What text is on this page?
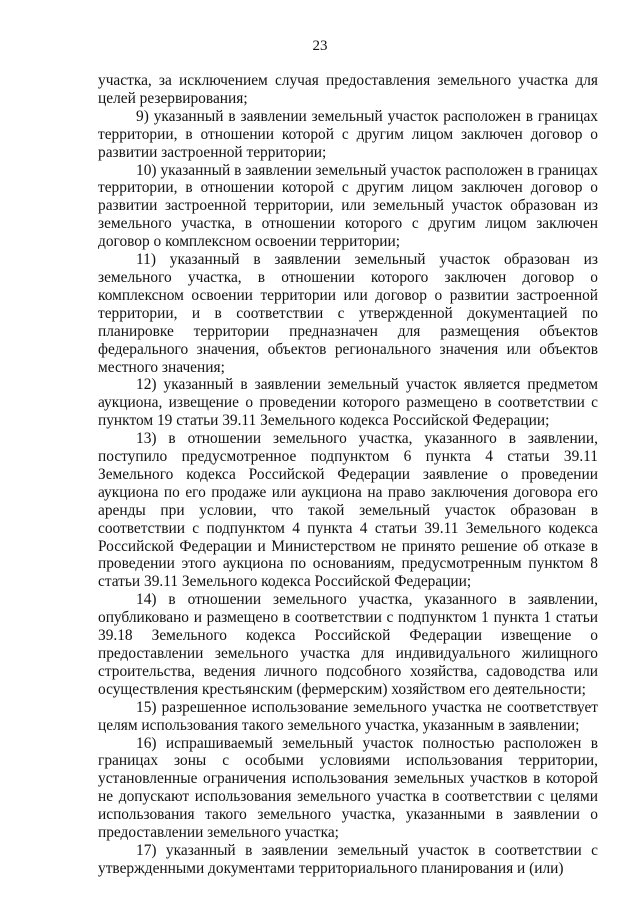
23

участка, за исключением случая предоставления земельного участка для целей резервирования;

9) указанный в заявлении земельный участок расположен в границах территории, в отношении которой с другим лицом заключен договор о развитии застроенной территории;

10) указанный в заявлении земельный участок расположен в границах территории, в отношении которой с другим лицом заключен договор о развитии застроенной территории, или земельный участок образован из земельного участка, в отношении которого с другим лицом заключен договор о комплексном освоении территории;

11) указанный в заявлении земельный участок образован из земельного участка, в отношении которого заключен договор о комплексном освоении территории или договор о развитии застроенной территории, и в соответствии с утвержденной документацией по планировке территории предназначен для размещения объектов федерального значения, объектов регионального значения или объектов местного значения;

12) указанный в заявлении земельный участок является предметом аукциона, извещение о проведении которого размещено в соответствии с пунктом 19 статьи 39.11 Земельного кодекса Российской Федерации;

13) в отношении земельного участка, указанного в заявлении, поступило предусмотренное подпунктом 6 пункта 4 статьи 39.11 Земельного кодекса Российской Федерации заявление о проведении аукциона по его продаже или аукциона на право заключения договора его аренды при условии, что такой земельный участок образован в соответствии с подпунктом 4 пункта 4 статьи 39.11 Земельного кодекса Российской Федерации и Министерством не принято решение об отказе в проведении этого аукциона по основаниям, предусмотренным пунктом 8 статьи 39.11 Земельного кодекса Российской Федерации;

14) в отношении земельного участка, указанного в заявлении, опубликовано и размещено в соответствии с подпунктом 1 пункта 1 статьи 39.18 Земельного кодекса Российской Федерации извещение о предоставлении земельного участка для индивидуального жилищного строительства, ведения личного подсобного хозяйства, садоводства или осуществления крестьянским (фермерским) хозяйством его деятельности;

15) разрешенное использование земельного участка не соответствует целям использования такого земельного участка, указанным в заявлении;

16) испрашиваемый земельный участок полностью расположен в границах зоны с особыми условиями использования территории, установленные ограничения использования земельных участков в которой не допускают использования земельного участка в соответствии с целями использования такого земельного участка, указанными в заявлении о предоставлении земельного участка;

17) указанный в заявлении земельный участок в соответствии с утвержденными документами территориального планирования и (или)
